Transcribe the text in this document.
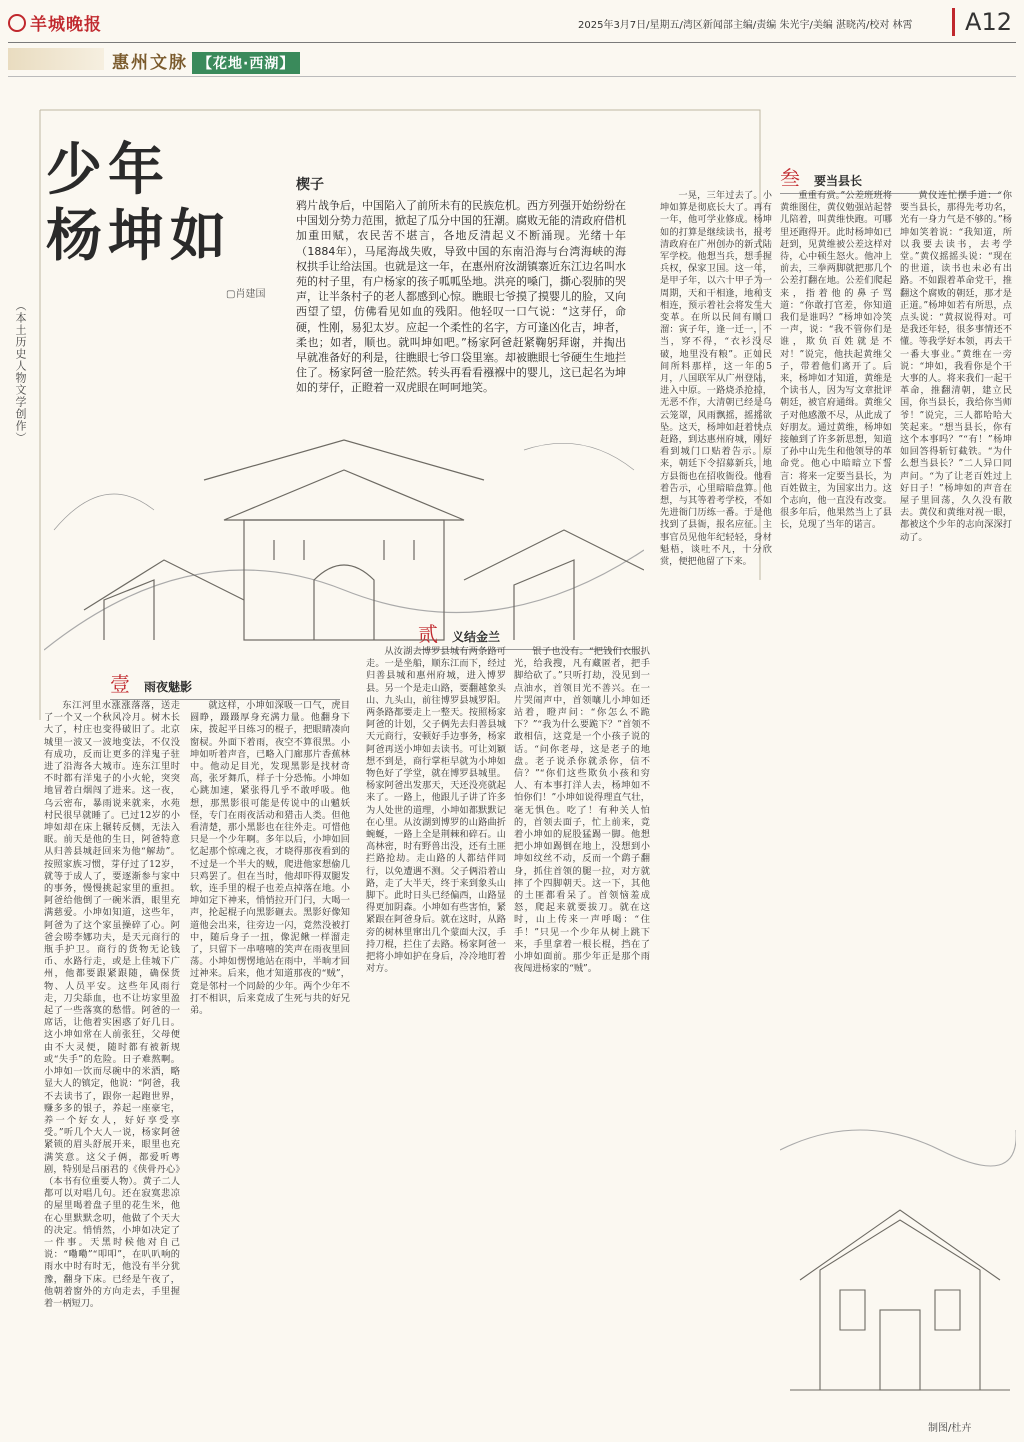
羊城晚报	2025年3月7日/星期五/湾区新闻部主编/责编 朱光宇/美编 湛晓芮/校对 林霄	A12
惠州文脉 【花地·西湖】
少年
杨坤如
▢肖建国
（本土历史人物文学创作）
楔子

鸦片战争后，中国陷入了前所未有的民族危机。西方列强开始纷纷在中国划分势力范围，掀起了瓜分中国的狂潮。腐败无能的清政府借机加重田赋，农民苦不堪言，各地反清起义不断涌现。光绪十年（1884年），马尾海战失败，导致中国的东南沿海与台湾海峡的海权拱手让给法国。也就是这一年，在惠州府汝湖镇寨近东江边名叫水苑的村子里，有户杨家的孩子呱呱坠地。洪亮的嗓门，撕心裂肺的哭声，让半条村子的老人都感到心惊。瞧眼七爷摸了摸婴儿的脸，又向西望了望，仿佛看见如血的残阳。他轻叹一口气说：“这芽仔，命硬，性刚，易犯太岁。应起一个柔性的名字，方可逢凶化吉，坤者，柔也；如者，顺也。就叫坤如吧。”杨家阿爸赶紧鞠躬拜谢，并掏出早就准备好的利是，往瞧眼七爷口袋里塞。却被瞧眼七爷硬生生地拦住了。杨家阿爸一脸茫然。转头再看看襁褓中的婴儿，这已起名为坤如的芽仔，正瞪着一双虎眼在呵呵地笑。

壹 雨夜魅影

东江河里水涨涨落落，送走了一个又一个秋风冷月。树木长大了，村庄也变得破旧了。北京城里一波又一波地变法，不仅没有成功，反而让更多的洋鬼子驻进了沿海各大城市。连东江里时不时都有洋鬼子的小火轮，突突地冒着白烟闯了进来。这一夜，乌云密布，暴雨说来就来，水苑村民很早就睡了。已过12岁的小坤如却在床上辗转反侧，无法入眠。前天是他的生日，阿爸特意从归善县城赶回来为他“解劫”。按照家族习惯，芽仔过了12岁，就等于成人了，要逐渐参与家中的事务，慢慢挑起家里的重担。阿爸给他倒了一碗米酒，眼里充满慈爱。小坤如知道，这些年，阿爸为了这个家虽操碎了心。阿爸会唠李娜功夫，是天元商行的瓶手护卫。商行的货物无论钱币、水路行走，或是上佳城下广州，他都要跟紧跟随，确保货物、人员平安。这些年风雨行走，刀尖舔血，也不让坊家里盈起了一些落寞的愁惜。阿爸的一席话，让他着实困惑了好几日。这小坤如常在人前张狂，父母便由不大灵便，随时都有被新规或“失手”的危险。日子难熬啊。小坤如一饮而尽碗中的米酒，略显大人的镇定，他说：“阿爸，我不去读书了，跟你一起跑世界，赚多多的银子，养起一座豪宅，养一个好女人，好好享受享受。”听几个大人一说，杨家阿爸紧锁的眉头舒展开来，眼里也充满笑意。这父子俩，都爱听粤剧，特别是吕丽君的《侠骨丹心》（本书有位重要人物）。黄子二人都可以对唱几句。还在寂寞悲凉的屋里喝着盘子里的花生米，他在心里默默念叨，他做了个天大的决定。悄悄然，小坤如决定了一件事。天黑时候他对自己说：“嘞嘞”“叩叩”，在叭叭响的雨水中时有时无，他没有半分犹豫，翻身下床。已经是午夜了，他朝着窗外的方向走去，手里握着一柄短刀。

就这样，小坤如深吸一口气，虎目圆睁，蹑蹑厚身充满力量。他翻身下床，拨起平日练习的棍子，把眼睛凑向窗棂。外面下着雨，夜空不算很黑。小坤如听着声音，已略入门廊那片香蕉林中。他动足目光，发现黑影是找材奇高，张牙舞爪，样子十分恐怖。小坤如心跳加速，紧张得几乎不敢呼吸。他想，那黑影很可能是传说中的山魈妖怪，专门在雨夜活动和猎击人类。但他看清楚，那小黑影也在往外走。可惜他只是一个少年啊。多年以后，小坤如回忆起那个惊魂之夜，才晓得那夜看到的不过是一个半大的贼，爬进他家想偷几只鸡罢了。但在当时，他却吓得双腿发软，连手里的棍子也差点掉落在地。小坤如定下神来，悄悄拉开门闩，大喝一声，抡起棍子向黑影砸去。黑影好像知道他会出来，往旁边一闪，竟然没被打中，随后身子一扭，像泥鳅一样溜走了，只留下一串嘻嘻的笑声在雨夜里回荡。小坤如愣愣地站在雨中，半晌才回过神来。后来，他才知道那夜的“贼”，竟是邻村一个同龄的少年。两个少年不打不相识，后来竟成了生死与共的好兄弟。

贰 义结金兰

从汝湖去博罗县城有两条路可走。一是坐船，顺东江而下，经过归善县城和惠州府城，进入博罗县。另一个是走山路，要翻越象头山、九头山，前往博罗县城罗阳。两条路都要走上一整天。按照杨家阿爸的计划，父子俩先去归善县城天元商行，安顿好手边事务，杨家阿爸再送小坤如去读书。可让刘颖想不到是，商行掌柜早就为小坤如物色好了学堂，就在博罗县城里。杨家阿爸出发那天，天还没亮就起来了。一路上，他跟儿子讲了许多为人处世的道理，小坤如都默默记在心里。从汝湖到博罗的山路曲折蜿蜒，一路上全是荆棘和碎石。山高林密，时有野兽出没，还有土匪拦路抢劫。走山路的人都结伴同行，以免遭遇不测。父子俩沿着山路，走了大半天，终于来到象头山脚下。此时日头已经偏西，山路显得更加阴森。小坤如有些害怕，紧紧跟在阿爸身后。就在这时，从路旁的树林里窜出几个蒙面大汉，手持刀棍，拦住了去路。杨家阿爸一把将小坤如护在身后，冷冷地盯着对方。

银子也没有。“把钱们衣服扒光，给我搜，凡有藏匿者，把手脚给砍了。”只听打劫，没见到一点油水，首领目光不善兴。在一片哭闹声中，首领嚷儿小坤如还站着，瞪声问：“你怎么不跪下？”“我为什么要跪下？”首领不敢相信，这竟是一个小孩子说的话。“问你老母，这是老子的地盘。老子说杀你就杀你，信不信？”“你们这些欺负小孩和穷人、有本事打洋人去，杨坤如不怕你们！”小坤如说得理直气壮，毫无惧色。吃了！有种关人怕的，首领去面子，忙上前来，竟着小坤如的屁股猛踢一脚。他想把小坤如踢倒在地上，没想到小坤如纹丝不动，反而一个鹞子翻身，抓住首领的腿一拉，对方就摔了个四脚朝天。这一下，其他的土匪都看呆了。首领恼羞成怒，爬起来就要拔刀。就在这时，山上传来一声呼喝：“住手！”只见一个少年从树上跳下来，手里拿着一根长棍，挡在了小坤如面前。那少年正是那个雨夜闯进杨家的“贼”。

叁 要当县长

一晃，三年过去了。小坤如算是彻底长大了。再有一年，他可学业修成。杨坤如的打算是继续读书，报考清政府在广州创办的新式陆军学校。他想当兵，想手握兵权，保家卫国。这一年，是甲子年，以六十甲子为一周期，天和干相逢，地和支相连，预示着社会将发生大变革。在所以民间有顺口溜：寅子年，逢一迁一，不当，穿不得，“衣衫没尽破，地里没有粮”。正如民间所料那样，这一年的5月，八国联军从广州登陆，进入中原。一路烧杀抢掠，无恶不作，大清朝已经是乌云笼罩，风雨飘摇，摇摇欲坠。这天，杨坤如赶着快点赶路，到达惠州府城，刚好看到城门口贴着告示。原来，朝廷下令招募新兵，地方县衙也在招收衙役。他看着告示，心里暗暗盘算。他想，与其等着考学校，不如先进衙门历练一番。于是他找到了县衙，报名应征。主事官员见他年纪轻轻，身材魁梧，谈吐不凡，十分欣赏，便把他留了下来。

重重有赏。”公差班班将黄维图住，黄仪勉强站起替儿陪着，叫黄维快跑。可哪里还跑得开。此时杨坤如已赶到，见黄维被公差这样对待，心中顿生怒火。他冲上前去，三拳两脚就把那几个公差打翻在地。公差们爬起来，指着他的鼻子骂道：“你敢打官差，你知道我们是谁吗？”杨坤如冷笑一声，说：“我不管你们是谁，欺负百姓就是不对！”说完，他扶起黄维父子，带着他们离开了。后来，杨坤如才知道，黄维是个读书人，因为写文章批评朝廷，被官府通缉。黄维父子对他感激不尽，从此成了好朋友。通过黄维，杨坤如接触到了许多新思想，知道了孙中山先生和他领导的革命党。他心中暗暗立下誓言：将来一定要当县长，为百姓做主，为国家出力。这个志向，他一直没有改变。很多年后，他果然当上了县长，兑现了当年的诺言。

黄仪连忙摆手道：“你要当县长，那得先考功名，光有一身力气是不够的。”杨坤如笑着说：“我知道，所以我要去读书，去考学堂。”黄仪摇摇头说：“现在的世道，读书也未必有出路。不如跟着革命党干，推翻这个腐败的朝廷，那才是正道。”杨坤如若有所思，点点头说：“黄叔说得对。可是我还年轻，很多事情还不懂。等我学好本领，再去干一番大事业。”黄维在一旁说：“坤如，我看你是个干大事的人。将来我们一起干革命，推翻清朝，建立民国，你当县长，我给你当师爷！”说完，三人都哈哈大笑起来。“想当县长，你有这个本事吗？”“有！”杨坤如回答得斩钉截铁。“为什么想当县长？”二人异口同声问。“为了让老百姓过上好日子！”杨坤如的声音在屋子里回荡，久久没有散去。黄仪和黄维对视一眼，都被这个少年的志向深深打动了。

制图/杜卉
